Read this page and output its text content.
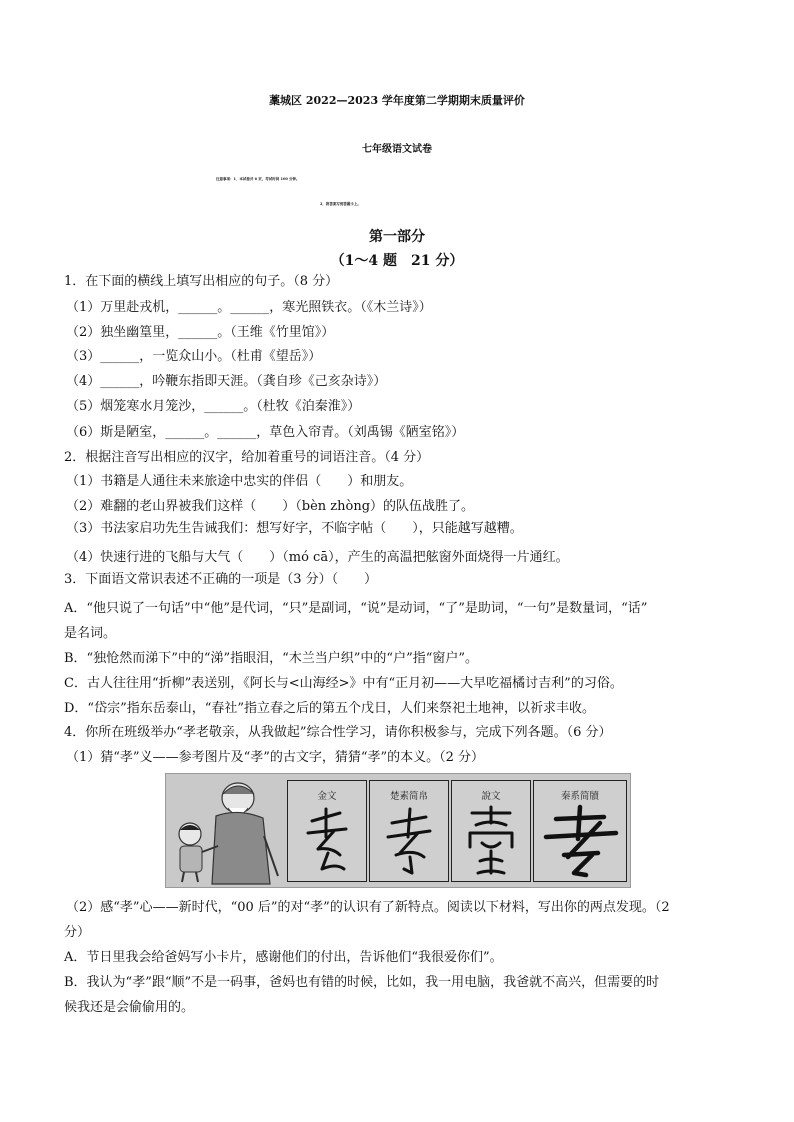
藁城区 2022—2023 学年度第二学期期末质量评价
七年级语文试卷
注意事项：1．本试卷共 6 页，考试时间 100 分钟。
2．将答案写到答题卡上。
第一部分
（1～4 题　21 分）
1．在下面的横线上填写出相应的句子。（8 分）
（1）万里赴戎机，______。______，寒光照铁衣。（《木兰诗》）
（2）独坐幽篁里，______。（王维《竹里馆》）
（3）______，一览众山小。（杜甫《望岳》）
（4）______，吟鞭东指即天涯。（龚自珍《己亥杂诗》）
（5）烟笼寒水月笼沙，______。（杜牧《泊秦淮》）
（6）斯是陋室，______。______，草色入帘青。（刘禹锡《陋室铭》）
2．根据注音写出相应的汉字，给加着重号的词语注音。（4 分）
（1）书籍是人通往未来旅途中忠实的伴侣（　　）和朋友。
（2）难翻的老山界被我们这样（　　）（bèn zhòng）的队伍战胜了。
（3）书法家启功先生告诫我们：想写好字，不临字帖（　　），只能越写越糟。
（4）快速行进的飞船与大气（　　）（mó cā），产生的高温把舷窗外面烧得一片通红。
3．下面语文常识表述不正确的一项是（3 分）（　　）
A．“他只说了一句话”中“他”是代词，“只”是副词，“说”是动词，“了”是助词，“一句”是数量词，“话”
是名词。
B．“独怆然而涕下”中的“涕”指眼泪，“木兰当户织”中的“户”指“窗户”。
C．古人往往用“折柳”表送别，《阿长与<山海经>》中有“正月初——大早吃福橘讨吉利”的习俗。
D．“岱宗”指东岳泰山，“春社”指立春之后的第五个戊日，人们来祭祀土地神，以祈求丰收。
4．你所在班级举办“孝老敬亲，从我做起”综合性学习，请你积极参与，完成下列各题。（6 分）
（1）猜“孝”义——参考图片及“孝”的古文字，猜猜“孝”的本义。（2 分）
金文	楚素简帛	說文	秦系简牘
（2）感“孝”心——新时代，“00 后”的对“孝”的认识有了新特点。阅读以下材料，写出你的两点发现。（2
分）
A．节日里我会给爸妈写小卡片，感谢他们的付出，告诉他们“我很爱你们”。
B．我认为“孝”跟“顺”不是一码事，爸妈也有错的时候，比如，我一用电脑，我爸就不高兴，但需要的时
候我还是会偷偷用的。
